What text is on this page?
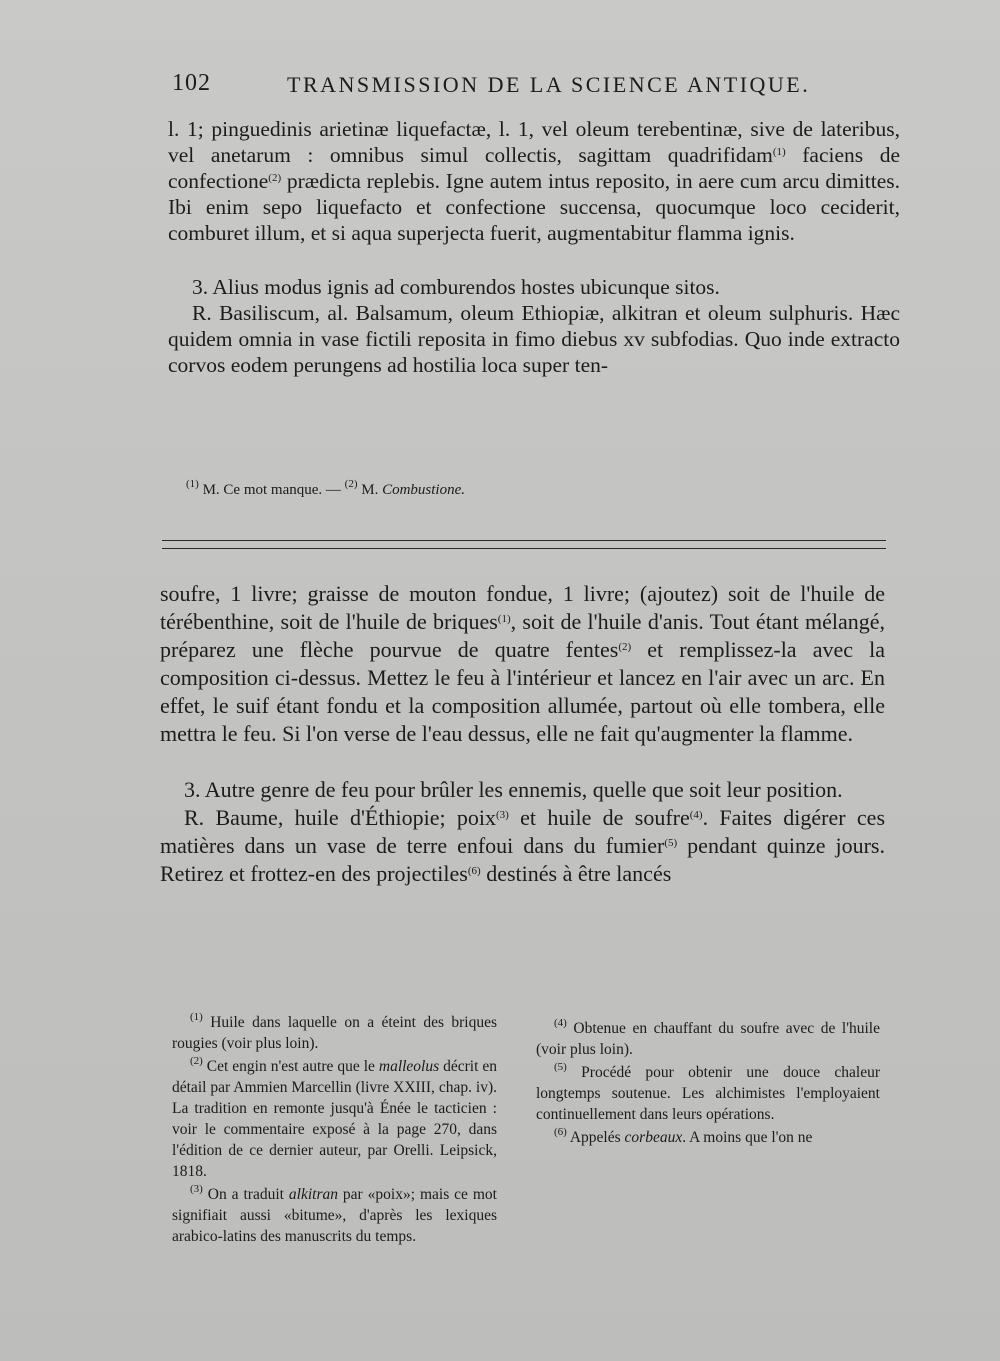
102	TRANSMISSION DE LA SCIENCE ANTIQUE.

l. 1; pinguedinis arietinæ liquefactæ, l. 1, vel oleum terebentinæ, sive de lateribus, vel anetarum : omnibus simul collectis, sagittam quadrifidam$^{(1)}$ faciens de confectione$^{(2)}$ prædicta replebis. Igne autem intus reposito, in aere cum arcu dimittes. Ibi enim sepo liquefacto et confectione succensa, quocumque loco ceciderit, comburet illum, et si aqua superjecta fuerit, augmentabitur flamma ignis.

3. Alius modus ignis ad comburendos hostes ubicunque sitos.

R. Basiliscum, al. Balsamum, oleum Ethiopiæ, alkitran et oleum sulphuris. Hæc quidem omnia in vase fictili reposita in fimo diebus xv subfodias. Quo inde extracto corvos eodem perungens ad hostilia loca super ten-

$^{(1)}$ M. Ce mot manque. — $^{(2)}$ M. Combustione.

soufre, 1 livre; graisse de mouton fondue, 1 livre; (ajoutez) soit de l'huile de térébenthine, soit de l'huile de briques$^{(1)}$, soit de l'huile d'anis. Tout étant mélangé, préparez une flèche pourvue de quatre fentes$^{(2)}$ et remplissez-la avec la composition ci-dessus. Mettez le feu à l'intérieur et lancez en l'air avec un arc. En effet, le suif étant fondu et la composition allumée, partout où elle tombera, elle mettra le feu. Si l'on verse de l'eau dessus, elle ne fait qu'augmenter la flamme.

3. Autre genre de feu pour brûler les ennemis, quelle que soit leur position.

R. Baume, huile d'Éthiopie; poix$^{(3)}$ et huile de soufre$^{(4)}$. Faites digérer ces matières dans un vase de terre enfoui dans du fumier$^{(5)}$ pendant quinze jours. Retirez et frottez-en des projectiles$^{(6)}$ destinés à être lancés

$^{(1)}$ Huile dans laquelle on a éteint des briques rougies (voir plus loin).

$^{(2)}$ Cet engin n'est autre que le malleolus décrit en détail par Ammien Marcellin (livre XXIII, chap. iv). La tradition en remonte jusqu'à Énée le tacticien : voir le commentaire exposé à la page 270, dans l'édition de ce dernier auteur, par Orelli. Leipsick, 1818.

$^{(3)}$ On a traduit alkitran par «poix»; mais ce mot signifiait aussi «bitume», d'après les lexiques arabico-latins des manuscrits du temps.

$^{(4)}$ Obtenue en chauffant du soufre avec de l'huile (voir plus loin).

$^{(5)}$ Procédé pour obtenir une douce chaleur longtemps soutenue. Les alchimistes l'employaient continuellement dans leurs opérations.

$^{(6)}$ Appelés corbeaux. A moins que l'on ne
